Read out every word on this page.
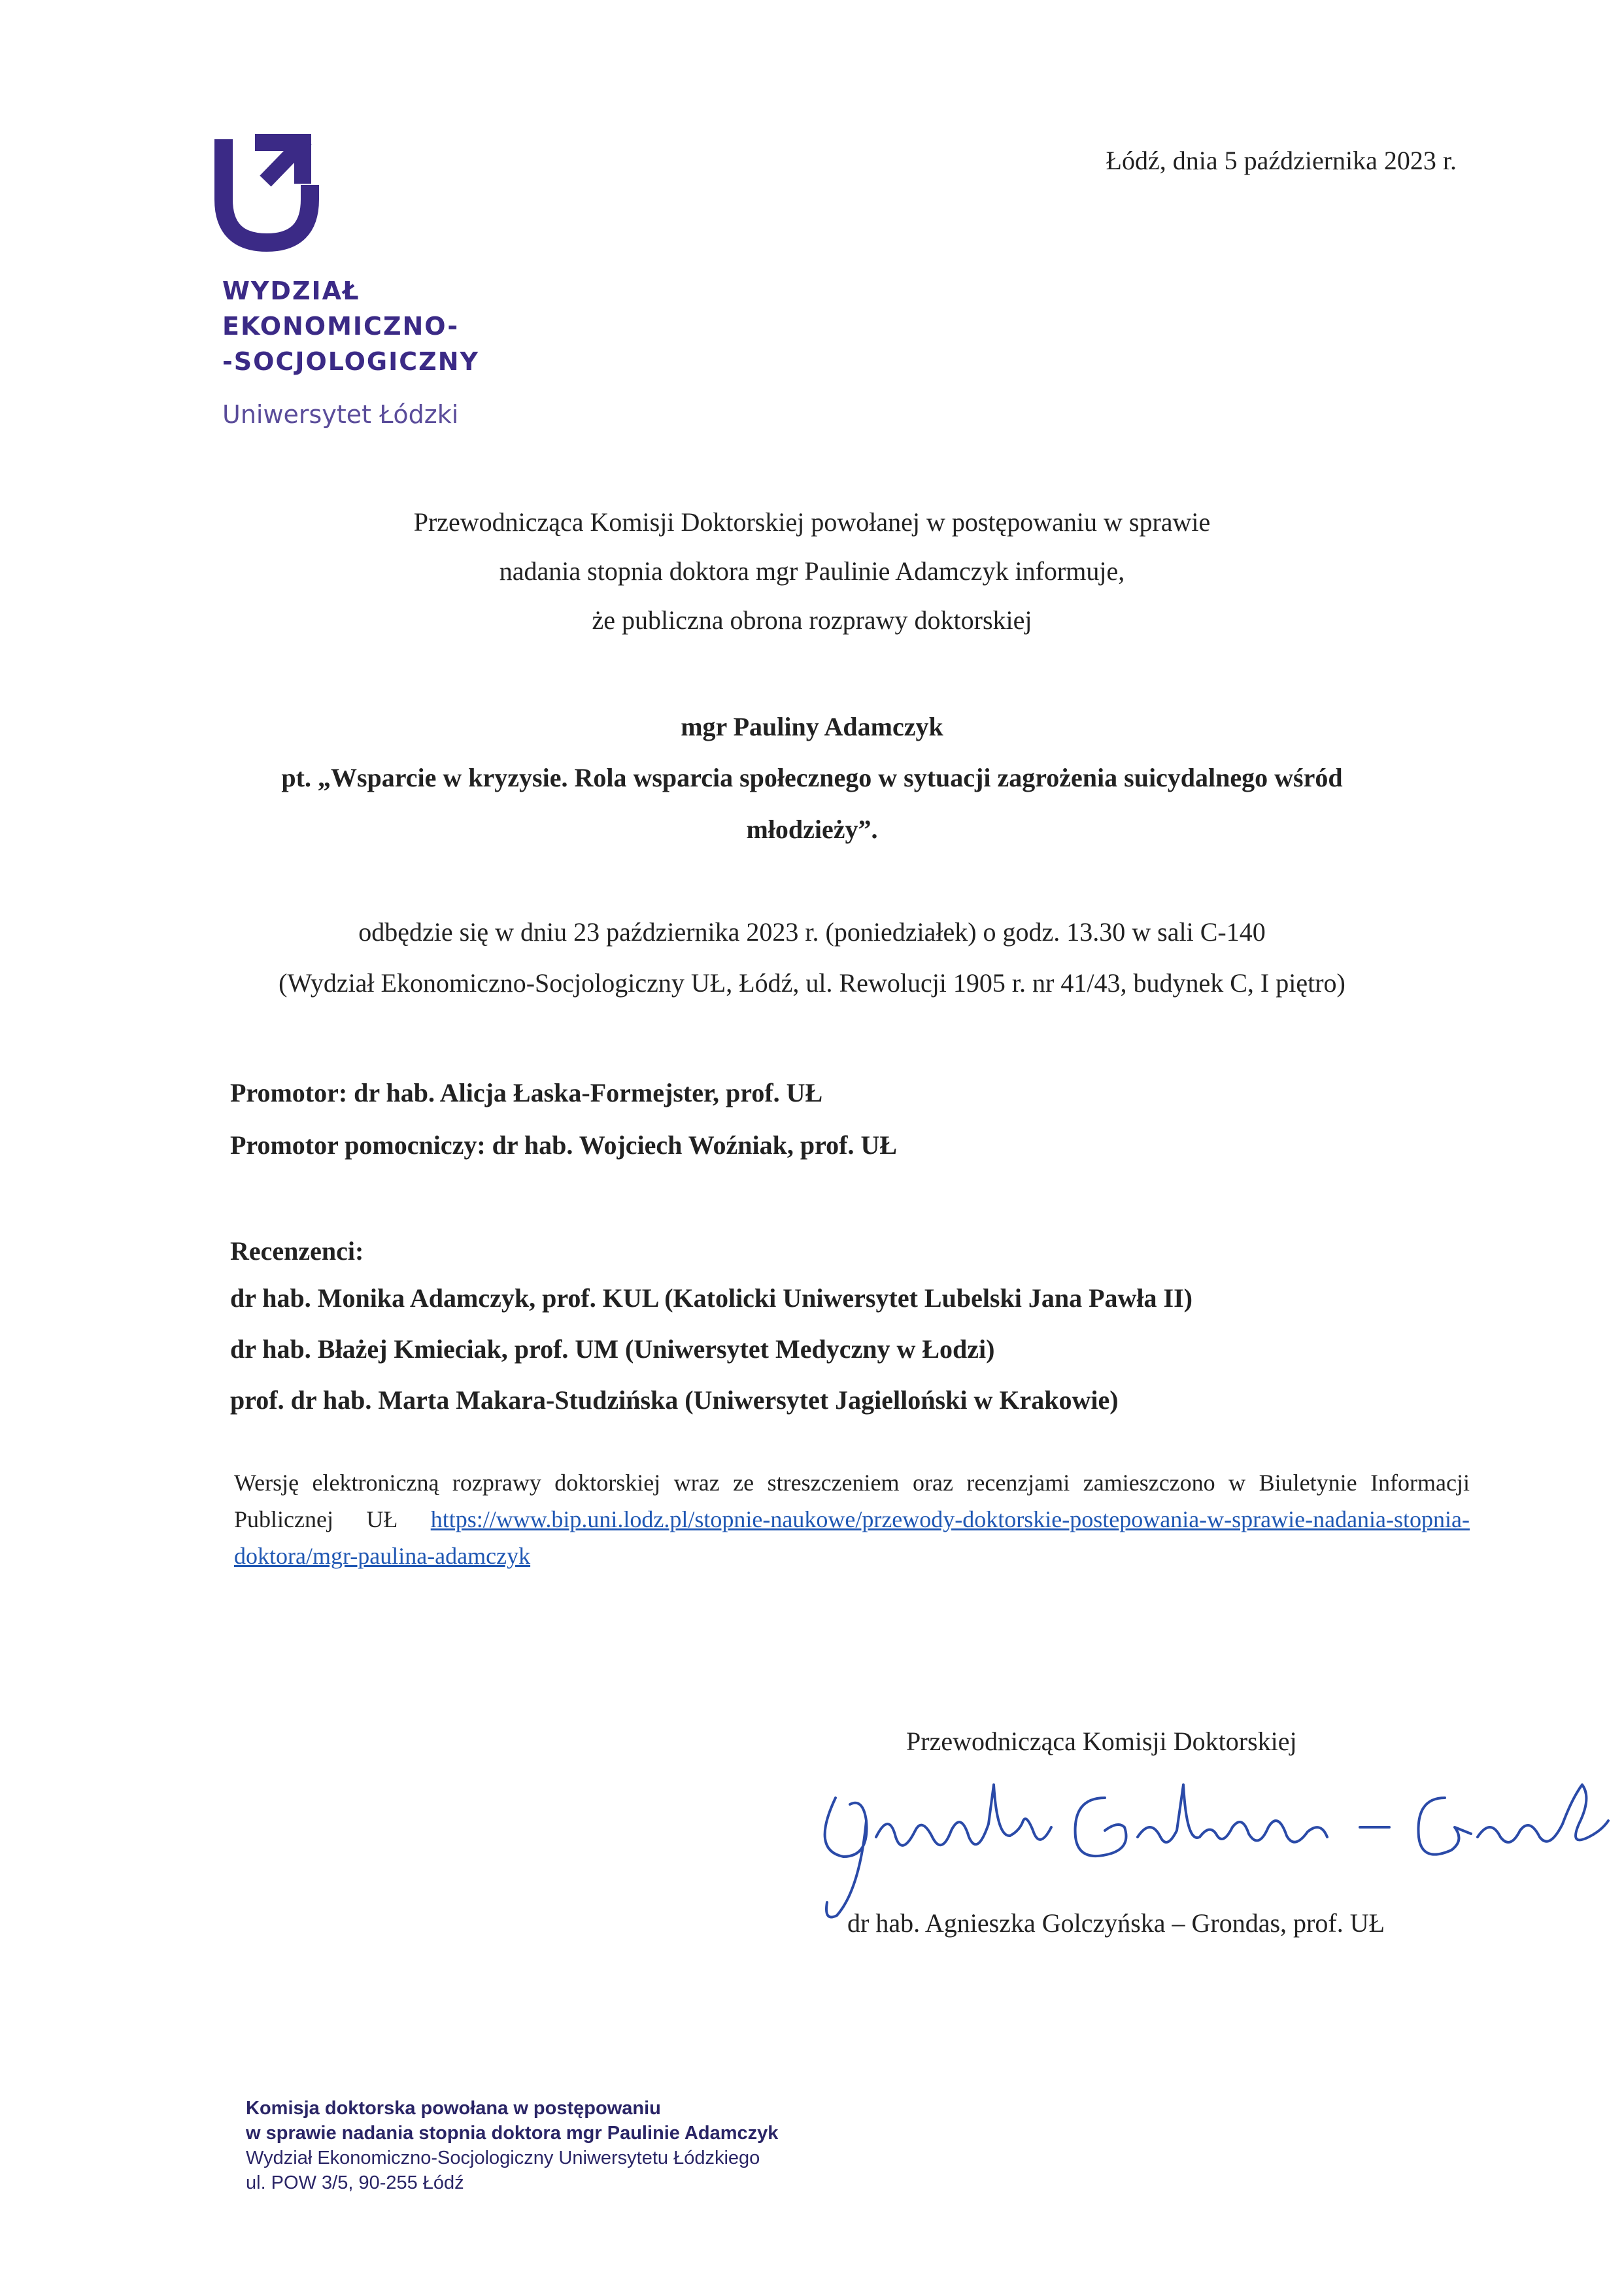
WYDZIAŁ
EKONOMICZNO-
-SOCJOLOGICZNY
Uniwersytet Łódzki
Łódź, dnia 5 października 2023 r.
Przewodnicząca Komisji Doktorskiej powołanej w postępowaniu w sprawie
nadania stopnia doktora mgr Paulinie Adamczyk informuje,
że publiczna obrona rozprawy doktorskiej
mgr Pauliny Adamczyk
pt. „Wsparcie w kryzysie. Rola wsparcia społecznego w sytuacji zagrożenia suicydalnego wśród
młodzieży”.
odbędzie się w dniu 23 października 2023 r. (poniedziałek) o godz. 13.30 w sali C-140
(Wydział Ekonomiczno-Socjologiczny UŁ, Łódź, ul. Rewolucji 1905 r. nr 41/43, budynek C, I piętro)
Promotor: dr hab. Alicja Łaska-Formejster, prof. UŁ
Promotor pomocniczy: dr hab. Wojciech Woźniak, prof. UŁ
Recenzenci:
dr hab. Monika Adamczyk, prof. KUL (Katolicki Uniwersytet Lubelski Jana Pawła II)
dr hab. Błażej Kmieciak, prof. UM (Uniwersytet Medyczny w Łodzi)
prof. dr hab. Marta Makara-Studzińska (Uniwersytet Jagielloński w Krakowie)
Wersję elektroniczną rozprawy doktorskiej wraz ze streszczeniem oraz recenzjami zamieszczono w Biuletynie Informacji Publicznej UŁ https://www.bip.uni.lodz.pl/stopnie-naukowe/przewody-doktorskie-postepowania-w-sprawie-nadania-stopnia-doktora/mgr-paulina-adamczyk
Przewodnicząca Komisji Doktorskiej
dr hab. Agnieszka Golczyńska – Grondas, prof. UŁ
Komisja doktorska powołana w postępowaniu
w sprawie nadania stopnia doktora mgr Paulinie Adamczyk
Wydział Ekonomiczno-Socjologiczny Uniwersytetu Łódzkiego
ul. POW 3/5, 90-255 Łódź
